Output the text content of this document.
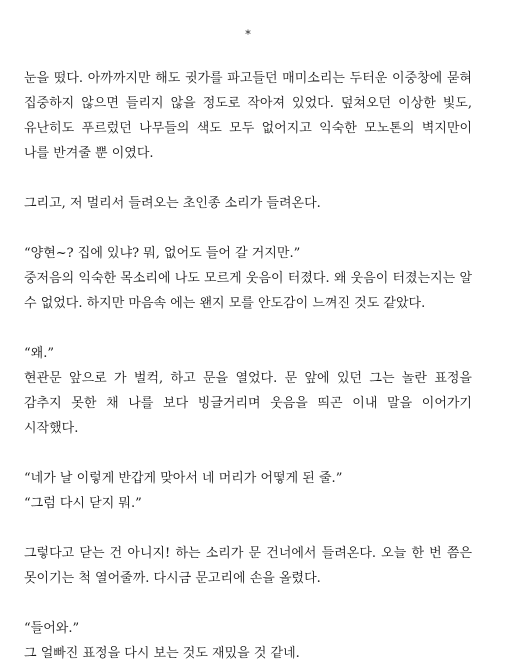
*

눈을 떴다. 아까까지만 해도 귓가를 파고들던 매미소리는 두터운 이중창에 묻혀 집중하지 않으면 들리지 않을 정도로 작아져 있었다. 덮쳐오던 이상한 빛도, 유난히도 푸르렀던 나무들의 색도 모두 없어지고 익숙한 모노톤의 벽지만이 나를 반겨줄 뿐 이였다.

그리고, 저 멀리서 들려오는 초인종 소리가 들려온다.

“양현~? 집에 있냐? 뭐, 없어도 들어 갈 거지만.”
중저음의 익숙한 목소리에 나도 모르게 웃음이 터졌다. 왜 웃음이 터졌는지는 알 수 없었다. 하지만 마음속 에는 왠지 모를 안도감이 느껴진 것도 같았다.

“왜.”
현관문 앞으로 가 벌컥, 하고 문을 열었다. 문 앞에 있던 그는 놀란 표정을 감추지 못한 채 나를 보다 빙글거리며 웃음을 띄곤 이내 말을 이어가기 시작했다.

“네가 날 이렇게 반갑게 맞아서 네 머리가 어떻게 된 줄.”
“그럼 다시 닫지 뭐.”

그렇다고 닫는 건 아니지! 하는 소리가 문 건너에서 들려온다. 오늘 한 번 쯤은 못이기는 척 열어줄까. 다시금 문고리에 손을 올렸다.

“들어와.”
그 얼빠진 표정을 다시 보는 것도 재밌을 것 같네.
